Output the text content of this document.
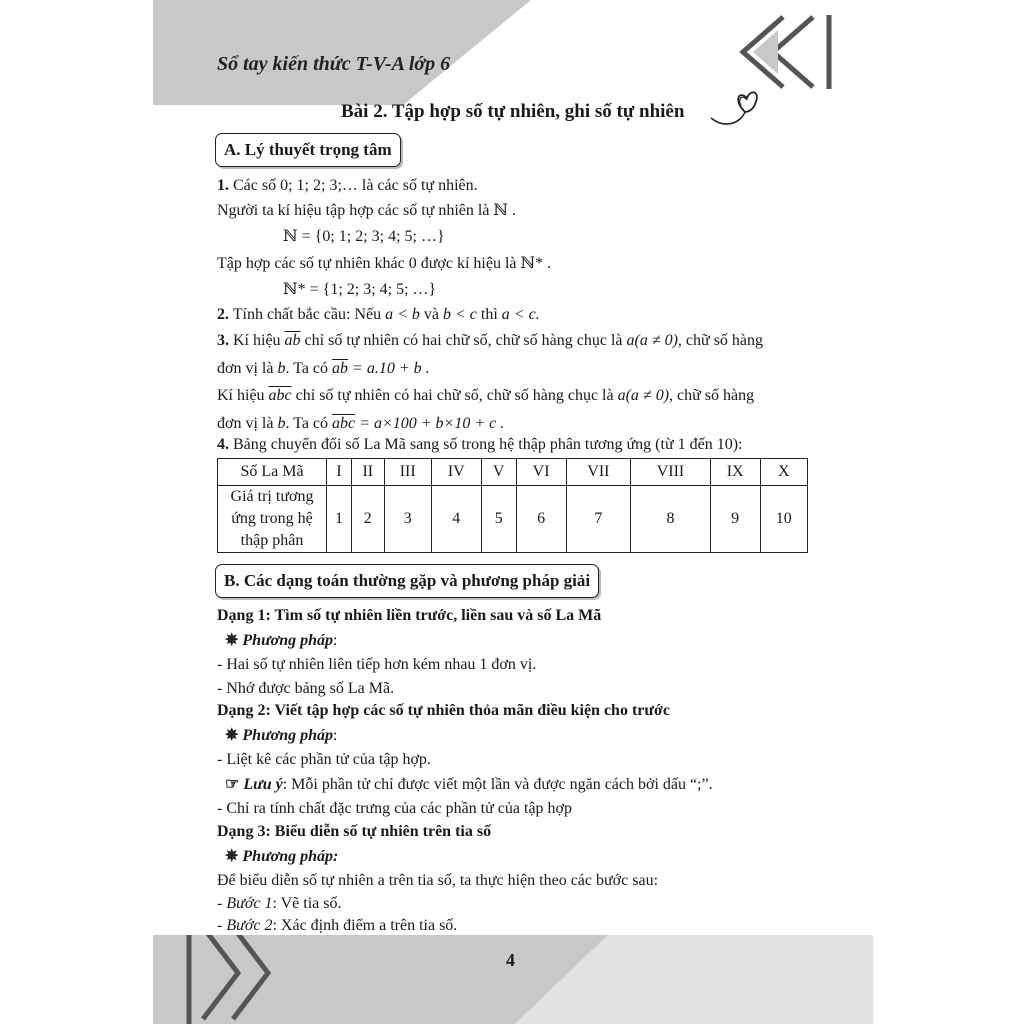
Sổ tay kiến thức T-V-A lớp 6
Bài 2. Tập hợp số tự nhiên, ghi số tự nhiên
A. Lý thuyết trọng tâm
1. Các số 0; 1; 2; 3;… là các số tự nhiên.
Người ta kí hiệu tập hợp các số tự nhiên là ℕ .
ℕ = {0; 1; 2; 3; 4; 5; …}
Tập hợp các số tự nhiên khác 0 được kí hiệu là ℕ* .
ℕ* = {1; 2; 3; 4; 5; …}
2. Tính chất bắc cầu: Nếu a < b và b < c thì a < c.
3. Kí hiệu $\overline{ab}$ chỉ số tự nhiên có hai chữ số, chữ số hàng chục là a(a ≠ 0), chữ số hàng
đơn vị là b. Ta có $\overline{ab} = a.10 + b$ .
Kí hiệu $\overline{abc}$ chỉ số tự nhiên có hai chữ số, chữ số hàng chục là a(a ≠ 0), chữ số hàng
đơn vị là b. Ta có $\overline{abc} = a\times 100 + b\times 10 + c$ .
4. Bảng chuyển đổi số La Mã sang số trong hệ thập phân tương ứng (từ 1 đến 10):
Số La Mã	I	II	III	IV	V	VI	VII	VIII	IX	X

Giá trị tương
ứng trong hệ
thập phân	1	2	3	4	5	6	7	8	9	10
B. Các dạng toán thường gặp và phương pháp giải
Dạng 1: Tìm số tự nhiên liền trước, liền sau và số La Mã
✵ Phương pháp:
- Hai số tự nhiên liên tiếp hơn kém nhau 1 đơn vị.
- Nhớ được bảng số La Mã.
Dạng 2: Viết tập hợp các số tự nhiên thỏa mãn điều kiện cho trước
✵ Phương pháp:
- Liệt kê các phần tử của tập hợp.
☞ Lưu ý: Mỗi phần tử chỉ được viết một lần và được ngăn cách bởi dấu “;”.
- Chỉ ra tính chất đặc trưng của các phần tử của tập hợp
Dạng 3: Biểu diễn số tự nhiên trên tia số
✵ Phương pháp:
Để biểu diễn số tự nhiên a trên tia số, ta thực hiện theo các bước sau:
- Bước 1: Vẽ tia số.
- Bước 2: Xác định điểm a trên tia số.
4
